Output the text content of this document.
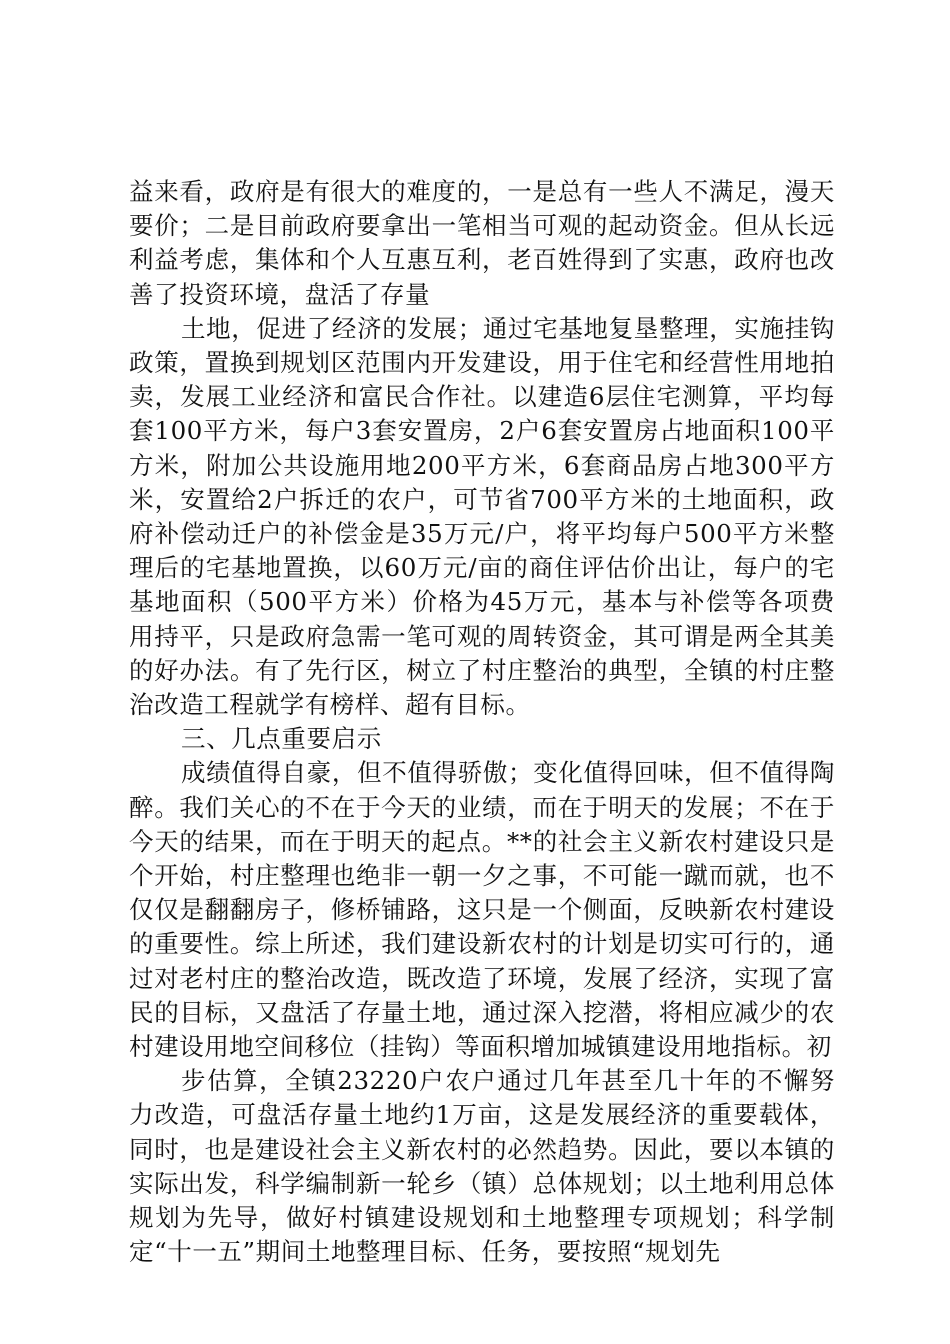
益来看，政府是有很大的难度的，一是总有一些人不满足，漫天要价；二是目前政府要拿出一笔相当可观的起动资金。但从长远利益考虑，集体和个人互惠互利，老百姓得到了实惠，政府也改善了投资环境，盘活了存量

土地，促进了经济的发展；通过宅基地复垦整理，实施挂钩政策，置换到规划区范围内开发建设，用于住宅和经营性用地拍卖，发展工业经济和富民合作社。以建造6层住宅测算，平均每套100平方米，每户3套安置房，2户6套安置房占地面积100平方米，附加公共设施用地200平方米，6套商品房占地300平方米，安置给2户拆迁的农户，可节省700平方米的土地面积，政府补偿动迁户的补偿金是35万元/户，将平均每户500平方米整理后的宅基地置换，以60万元/亩的商住评估价出让，每户的宅基地面积（500平方米）价格为45万元，基本与补偿等各项费用持平，只是政府急需一笔可观的周转资金，其可谓是两全其美的好办法。有了先行区，树立了村庄整治的典型，全镇的村庄整治改造工程就学有榜样、超有目标。

三、几点重要启示

成绩值得自豪，但不值得骄傲；变化值得回味，但不值得陶醉。我们关心的不在于今天的业绩，而在于明天的发展；不在于今天的结果，而在于明天的起点。**的社会主义新农村建设只是个开始，村庄整理也绝非一朝一夕之事，不可能一蹴而就，也不仅仅是翻翻房子，修桥铺路，这只是一个侧面，反映新农村建设的重要性。综上所述，我们建设新农村的计划是切实可行的，通过对老村庄的整治改造，既改造了环境，发展了经济，实现了富民的目标，又盘活了存量土地，通过深入挖潜，将相应减少的农村建设用地空间移位（挂钩）等面积增加城镇建设用地指标。初

步估算，全镇23220户农户通过几年甚至几十年的不懈努力改造，可盘活存量土地约1万亩，这是发展经济的重要载体，同时，也是建设社会主义新农村的必然趋势。因此，要以本镇的实际出发，科学编制新一轮乡（镇）总体规划；以土地利用总体规划为先导，做好村镇建设规划和土地整理专项规划；科学制定“十一五”期间土地整理目标、任务，要按照“规划先
